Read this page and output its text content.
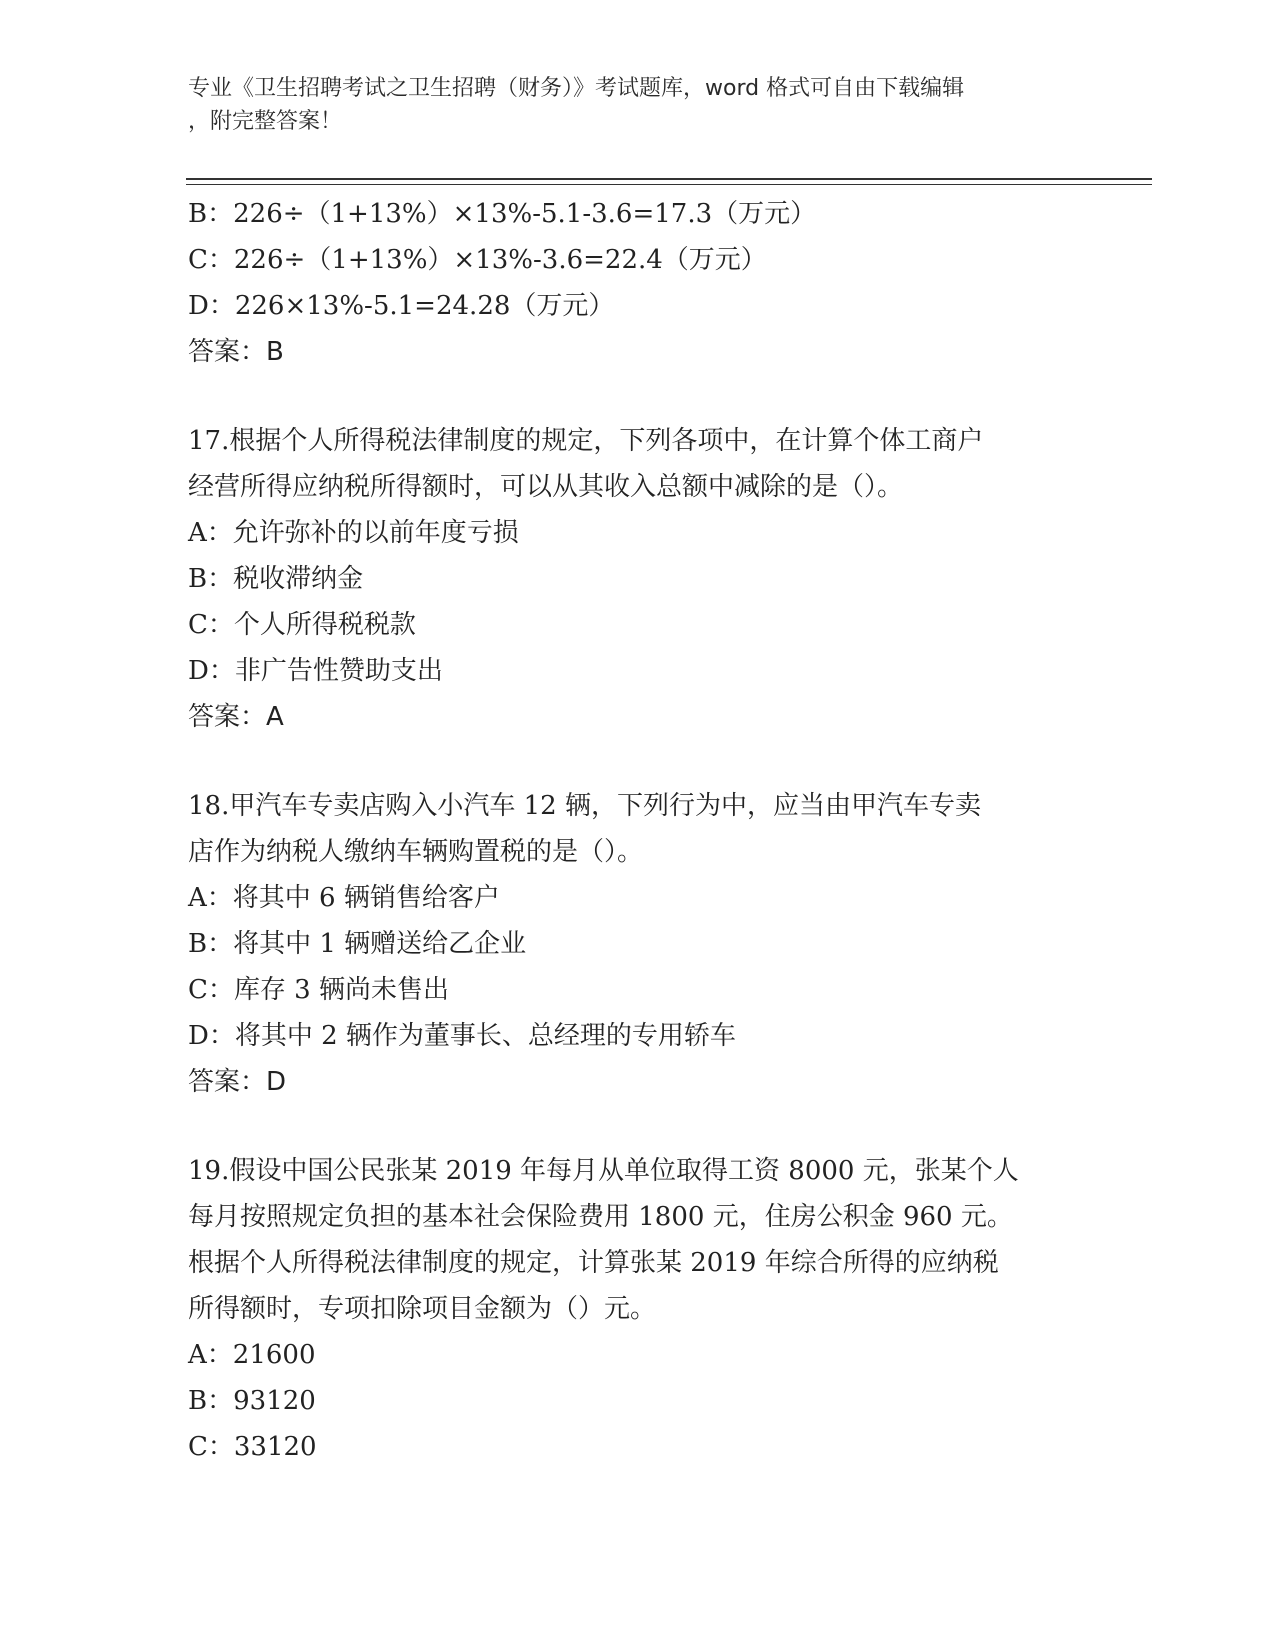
专业《卫生招聘考试之卫生招聘（财务）》考试题库，word 格式可自由下载编辑
，附完整答案！
B：226÷（1+13%）×13%-5.1-3.6=17.3（万元）
C：226÷（1+13%）×13%-3.6=22.4（万元）
D：226×13%-5.1=24.28（万元）
答案：B
17.根据个人所得税法律制度的规定，下列各项中，在计算个体工商户
经营所得应纳税所得额时，可以从其收入总额中减除的是（）。
A：允许弥补的以前年度亏损
B：税收滞纳金
C：个人所得税税款
D：非广告性赞助支出
答案：A
18.甲汽车专卖店购入小汽车 12 辆，下列行为中，应当由甲汽车专卖
店作为纳税人缴纳车辆购置税的是（）。
A：将其中 6 辆销售给客户
B：将其中 1 辆赠送给乙企业
C：库存 3 辆尚未售出
D：将其中 2 辆作为董事长、总经理的专用轿车
答案：D
19.假设中国公民张某 2019 年每月从单位取得工资 8000 元，张某个人
每月按照规定负担的基本社会保险费用 1800 元，住房公积金 960 元。
根据个人所得税法律制度的规定，计算张某 2019 年综合所得的应纳税
所得额时，专项扣除项目金额为（）元。
A：21600
B：93120
C：33120
